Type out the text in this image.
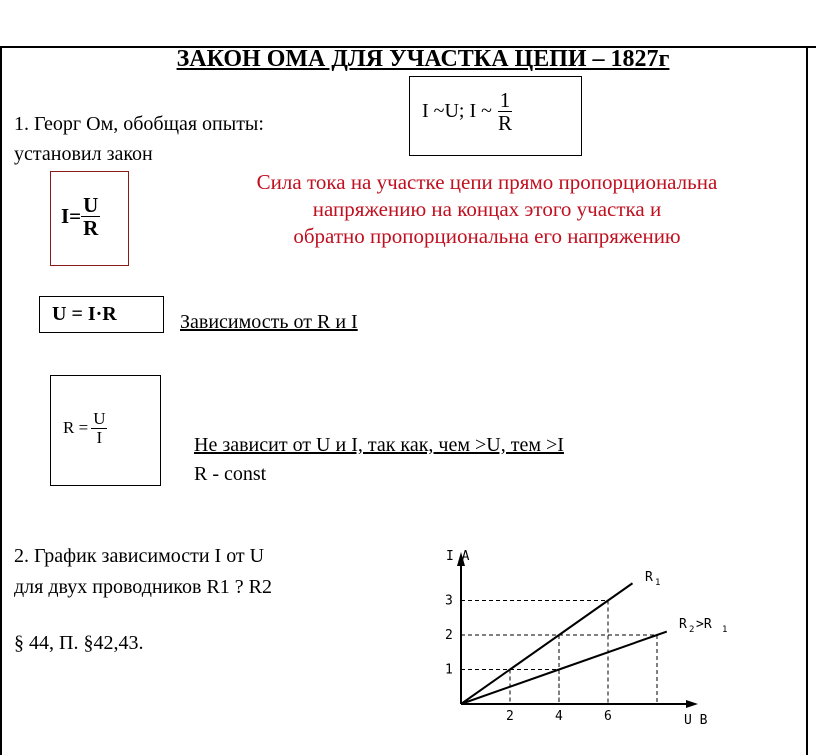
ЗАКОН ОМА ДЛЯ УЧАСТКА ЦЕПИ – 1827г
1. Георг Ом, обобщая опыты:
установил закон
I ~U; I ~ $\frac{1}{R}$
$I= \frac{U}{R}$
Сила тока на участке цепи прямо пропорциональна
напряжению на концах этого участка и
обратно пропорциональна его напряжению
U = I·R	Зависимость от R и I
$R = \frac{U}{I}$	Не зависит от U и I, так как, чем >U, тем >I
R - const
2. График зависимости I от U
для двух проводников R1 ? R2
§ 44, П. §42,43.
I А
U В
2	4	6
1
2
3
R 1
R 2 >R 1
